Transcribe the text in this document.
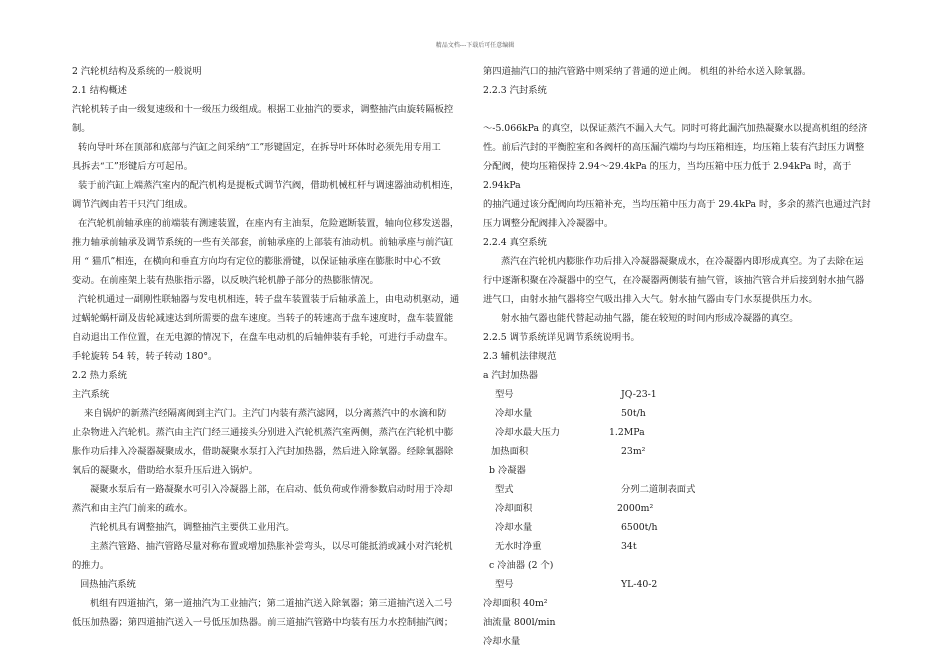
精品文档---下载后可任意编辑

2 汽轮机结构及系统的一般说明

2.1 结构概述

汽轮机转子由一级复速级和十一级压力级组成。根据工业抽汽的要求，调整抽汽由旋转隔板控

制。

转向导叶环在顶部和底部与汽缸之间采纳“工”形键固定，在拆导叶环体时必须先用专用工

具拆去“工”形键后方可起吊。

装于前汽缸上端蒸汽室内的配汽机构是提板式调节汽阀，借助机械杠杆与调速器油动机相连，

调节汽阀由若干只汽门组成。

在汽轮机前轴承座的前端装有测速装置，在座内有主油泵，危险遮断装置，轴向位移发送器，

推力轴承前轴承及调节系统的一些有关部套，前轴承座的上部装有油动机。前轴承座与前汽缸

用 “ 猫爪”相连，在横向和垂直方向均有定位的膨胀滑键，以保证轴承座在膨胀时中心不致

变动。在前座架上装有热胀指示器，以反映汽轮机静子部分的热膨胀情况。

汽轮机通过一副刚性联轴器与发电机相连，转子盘车装置装于后轴承盖上，由电动机驱动，通

过蜗轮蜗杆副及齿轮减速达到所需要的盘车速度。当转子的转速高于盘车速度时，盘车装置能

自动退出工作位置，在无电源的情况下，在盘车电动机的后轴伸装有手轮，可进行手动盘车。

手轮旋转 54 转，转子转动 180°。

2.2 热力系统

主汽系统

来自锅炉的新蒸汽经隔离阀到主汽门。主汽门内装有蒸汽滤网，以分离蒸汽中的水滴和防

止杂物进入汽轮机。蒸汽由主汽门经三通接头分别进入汽轮机蒸汽室两侧，蒸汽在汽轮机中膨

胀作功后排入冷凝器凝聚成水，借助凝聚水泵打入汽封加热器，然后进入除氧器。经除氧器除

氧后的凝聚水，借助给水泵升压后进入锅炉。

凝聚水泵后有一路凝聚水可引入冷凝器上部，在启动、低负荷或作滑参数启动时用于冷却

蒸汽和由主汽门前来的疏水。

汽轮机具有调整抽汽，调整抽汽主要供工业用汽。

主蒸汽管路、抽汽管路尽量对称布置或增加热胀补尝弯头，以尽可能抵消或减小对汽轮机

的推力。

回热抽汽系统

机组有四道抽汽，第一道抽汽为工业抽汽；第二道抽汽送入除氧器；第三道抽汽送入二号

低压加热器；第四道抽汽送入一号低压加热器。前三道抽汽管路中均装有压力水控制抽汽阀；

第四道抽汽口的抽汽管路中则采纳了普通的逆止阀。 机组的补给水送入除氧器。

2.2.3 汽封系统

～-5.066kPa 的真空，以保证蒸汽不漏入大气。同时可将此漏汽加热凝聚水以提高机组的经济

性。前后汽封的平衡腔室和各阀杆的高压漏汽端均与均压箱相连，均压箱上装有汽封压力调整

分配阀，使均压箱保持 2.94～29.4kPa 的压力，当均压箱中压力低于 2.94kPa 时，高于 2.94kPa

的抽汽通过该分配阀向均压箱补充，当均压箱中压力高于 29.4kPa 时，多余的蒸汽也通过汽封

压力调整分配阀排入冷凝器中。

2.2.4 真空系统

蒸汽在汽轮机内膨胀作功后排入冷凝器凝聚成水，在冷凝器内即形成真空。为了去除在运

行中逐渐积聚在冷凝器中的空气，在冷凝器两侧装有抽气管，该抽汽管合并后接到射水抽气器

进气口，由射水抽气器将空气吸出排入大气。射水抽气器由专门水泵提供压力水。

射水抽气器也能代替起动抽气器，能在较短的时间内形成冷凝器的真空。

2.2.5 调节系统详见调节系统说明书。

2.3 辅机法律规范

a 汽封加热器
型号	JQ-23-1
冷却水量	50t/h
冷却水最大压力	1.2MPa
加热面积	23m²
b 冷凝器
型式	分列二道制表面式
冷却面积	2000m²
冷却水量	6500t/h
无水时净重	34t
c 冷油器 (2 个)
型号	YL-40-2
冷却面积 40m²
油流量 800l/min
冷却水量
